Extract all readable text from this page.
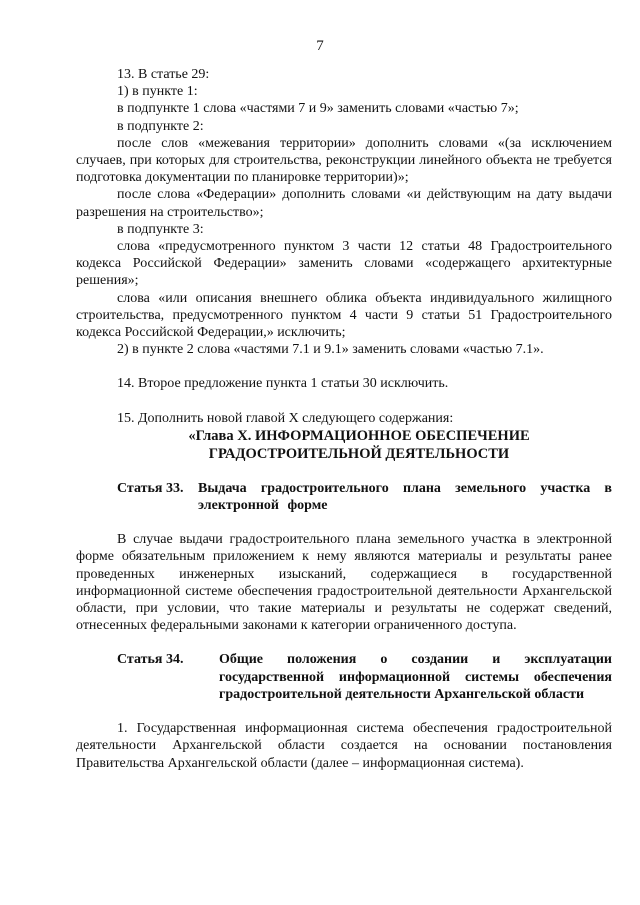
7

13. В статье 29:

1) в пункте 1:

в подпункте 1 слова «частями 7 и 9» заменить словами «частью 7»;

в подпункте 2:

после слов «межевания территории» дополнить словами «(за исключением случаев, при которых для строительства, реконструкции линейного объекта не требуется подготовка документации по планировке территории)»;

после слова «Федерации» дополнить словами «и действующим на дату выдачи разрешения на строительство»;

в подпункте 3:

слова «предусмотренного пунктом 3 части 12 статьи 48 Градостроительного кодекса Российской Федерации» заменить словами «содержащего архитектурные решения»;

слова «или описания внешнего облика объекта индивидуального жилищного строительства, предусмотренного пунктом 4 части 9 статьи 51 Градостроительного кодекса Российской Федерации,» исключить;

2) в пункте 2 слова «частями 7.1 и 9.1» заменить словами «частью 7.1».

14. Второе предложение пункта 1 статьи 30 исключить.

15. Дополнить новой главой X следующего содержания:

«Глава X. ИНФОРМАЦИОННОЕ ОБЕСПЕЧЕНИЕ
ГРАДОСТРОИТЕЛЬНОЙ ДЕЯТЕЛЬНОСТИ
Статья 33.	Выдача градостроительного плана земельного участка в электронной форме

В случае выдачи градостроительного плана земельного участка в электронной форме обязательным приложением к нему являются материалы и результаты ранее проведенных инженерных изысканий, содержащиеся в государственной информационной системе обеспечения градостроительной деятельности Архангельской области, при условии, что такие материалы и результаты не содержат сведений, отнесенных федеральными законами к категории ограниченного доступа.

Статья 34.	Общие положения о создании и эксплуатации государственной информационной системы обеспечения градостроительной деятельности Архангельской области

1. Государственная информационная система обеспечения градостроительной деятельности Архангельской области создается на основании постановления Правительства Архангельской области (далее – информационная система).
